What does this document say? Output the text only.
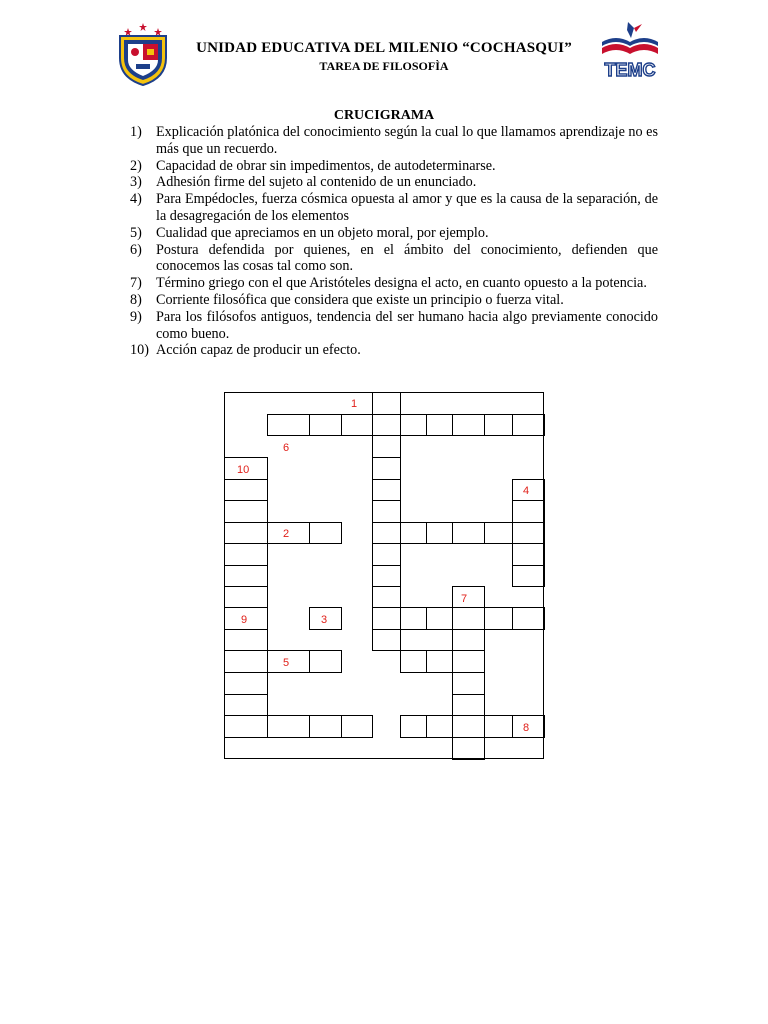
UNIDAD EDUCATIVA DEL MILENIO “COCHASQUI”
TAREA DE FILOSOFÌA	TEMC
CRUCIGRAMA
1) Explicación platónica del conocimiento según la cual lo que llamamos aprendizaje no es más que un recuerdo.
2) Capacidad de obrar sin impedimentos, de autodeterminarse.
3) Adhesión firme del sujeto al contenido de un enunciado.
4) Para Empédocles, fuerza cósmica opuesta al amor y que es la causa de la separación, de la desagregación de los elementos
5) Cualidad que apreciamos en un objeto moral, por ejemplo.
6) Postura defendida por quienes, en el ámbito del conocimiento, defienden que conocemos las cosas tal como son.
7) Término griego con el que Aristóteles designa el acto, en cuanto opuesto a la potencia.
8) Corriente filosófica que considera que existe un principio o fuerza vital.
9) Para los filósofos antiguos, tendencia del ser humano hacia algo previamente conocido como bueno.
10) Acción capaz de producir un efecto.
1
6
10
4
2
7
9	3
5
8
